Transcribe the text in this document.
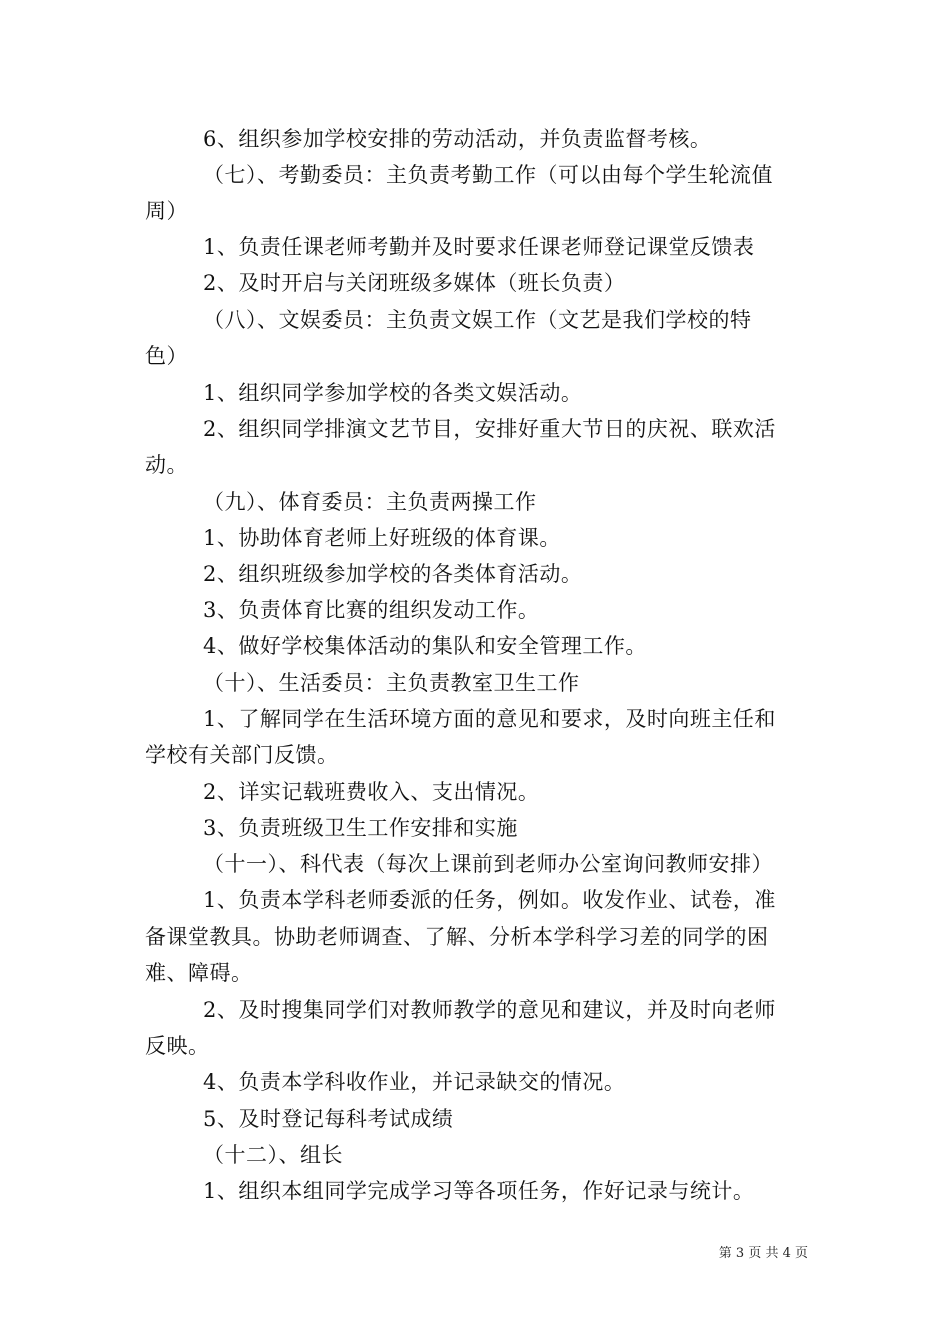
6、组织参加学校安排的劳动活动，并负责监督考核。
（七）、考勤委员：主负责考勤工作（可以由每个学生轮流值
周）
1、负责任课老师考勤并及时要求任课老师登记课堂反馈表
2、及时开启与关闭班级多媒体（班长负责）
（八）、文娱委员：主负责文娱工作（文艺是我们学校的特
色）
1、组织同学参加学校的各类文娱活动。
2、组织同学排演文艺节目，安排好重大节日的庆祝、联欢活
动。
（九）、体育委员：主负责两操工作
1、协助体育老师上好班级的体育课。
2、组织班级参加学校的各类体育活动。
3、负责体育比赛的组织发动工作。
4、做好学校集体活动的集队和安全管理工作。
（十）、生活委员：主负责教室卫生工作
1、了解同学在生活环境方面的意见和要求，及时向班主任和
学校有关部门反馈。
2、详实记载班费收入、支出情况。
3、负责班级卫生工作安排和实施
（十一）、科代表（每次上课前到老师办公室询问教师安排）
1、负责本学科老师委派的任务，例如。收发作业、试卷，准
备课堂教具。协助老师调查、了解、分析本学科学习差的同学的困
难、障碍。
2、及时搜集同学们对教师教学的意见和建议，并及时向老师
反映。
4、负责本学科收作业，并记录缺交的情况。
5、及时登记每科考试成绩
（十二）、组长
1、组织本组同学完成学习等各项任务，作好记录与统计。
第 3 页 共 4 页
